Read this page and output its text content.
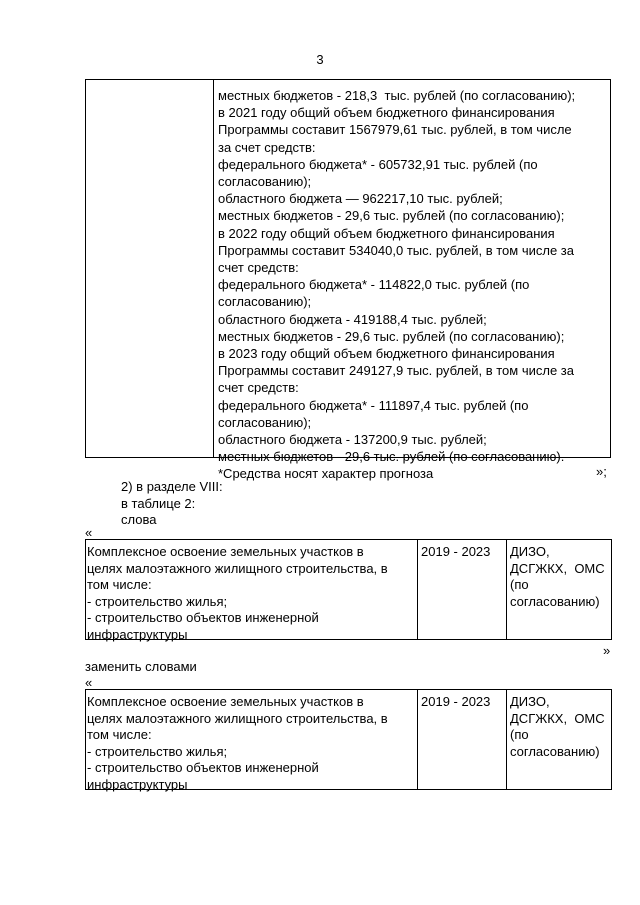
3
местных бюджетов - 218,3  тыс. рублей (по согласованию);
в 2021 году общий объем бюджетного финансирования
Программы составит 1567979,61 тыс. рублей, в том числе
за счет средств:
федерального бюджета* - 605732,91 тыс. рублей (по
согласованию);
областного бюджета — 962217,10 тыс. рублей;
местных бюджетов - 29,6 тыс. рублей (по согласованию);
в 2022 году общий объем бюджетного финансирования
Программы составит 534040,0 тыс. рублей, в том числе за
счет средств:
федерального бюджета* - 114822,0 тыс. рублей (по
согласованию);
областного бюджета - 419188,4 тыс. рублей;
местных бюджетов - 29,6 тыс. рублей (по согласованию);
в 2023 году общий объем бюджетного финансирования
Программы составит 249127,9 тыс. рублей, в том числе за
счет средств:
федерального бюджета* - 111897,4 тыс. рублей (по
согласованию);
областного бюджета - 137200,9 тыс. рублей;
местных бюджетов - 29,6 тыс. рублей (по согласованию).
*Средства носят характер прогноза	»;
2) в разделе VIII:
в таблице 2:
слова
«
Комплексное освоение земельных участков в
целях малоэтажного жилищного строительства, в
том числе:
- строительство жилья;
- строительство объектов инженерной
инфраструктуры
2019 - 2023 ДИЗО,
ДСГЖКХ,  ОМС
(по
согласованию)
»
заменить словами
«
Комплексное освоение земельных участков в
целях малоэтажного жилищного строительства, в
том числе:
- строительство жилья;
- строительство объектов инженерной
инфраструктуры
2019 - 2023 ДИЗО,
ДСГЖКХ,  ОМС
(по
согласованию)
